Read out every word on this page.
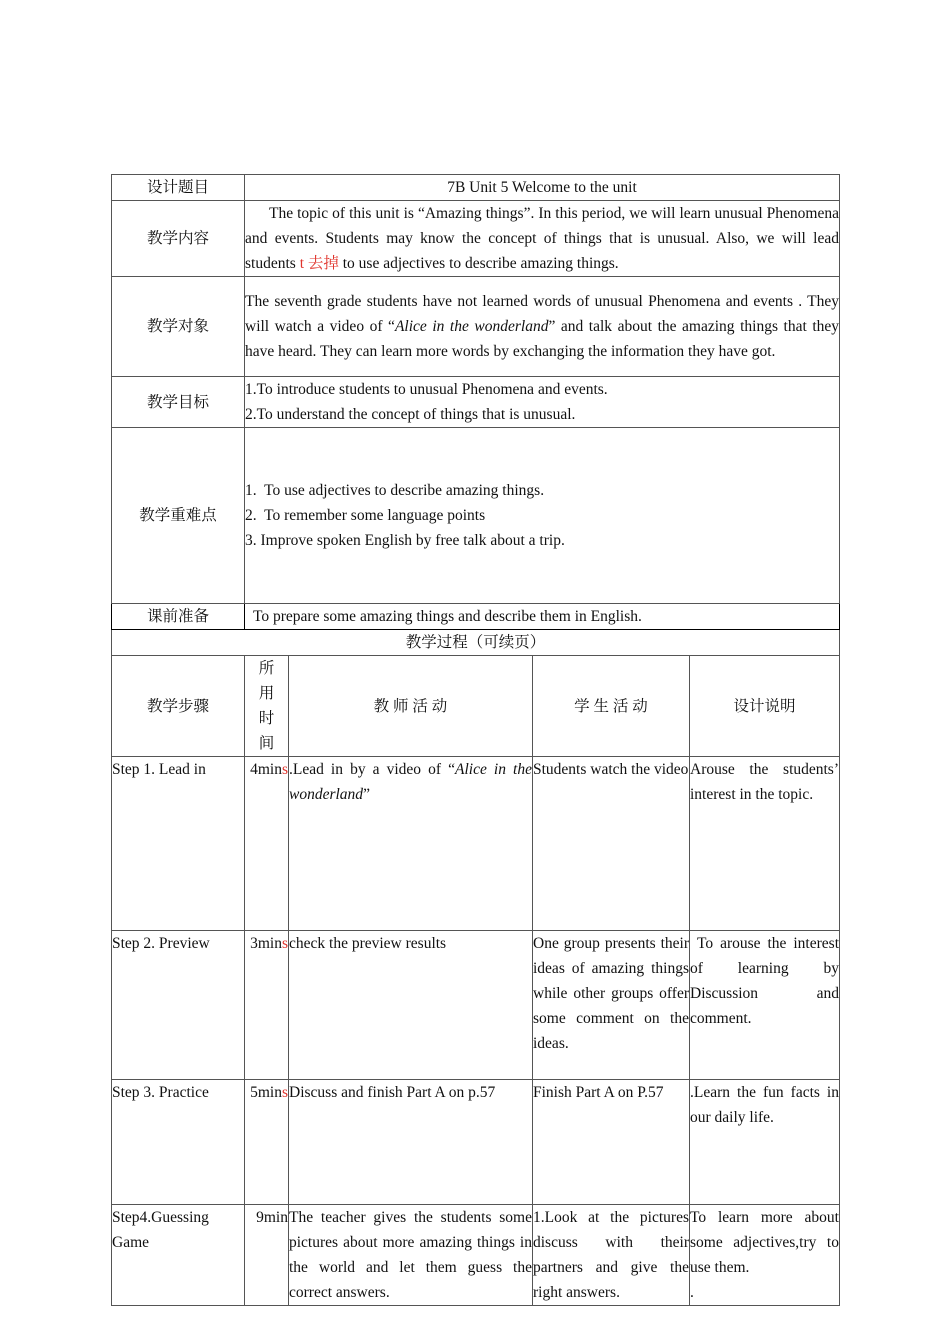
设计题目	7B Unit 5 Welcome to the unit			
教学内容	The topic of this unit is “Amazing things”. In this period, we will learn unusual Phenomena and events. Students may know the concept of things that is unusual. Also, we will lead students t 去掉 to use adjectives to describe amazing things.			
教学对象	The seventh grade students have not learned words of unusual Phenomena and events . They will watch a video of “Alice in the wonderland” and talk about the amazing things that they have heard. They can learn more words by exchanging the information they have got.			
教学目标	1.To introduce students to unusual Phenomena and events.
2.To understand the concept of things that is unusual.			

教学重难点	1.  To use adjectives to describe amazing things.
2.  To remember some language points
3. Improve spoken English by free talk about a trip.			

课前准备	To prepare some amazing things and describe them in English.			
教学过程（可续页）				
教学步骤	所
用
时
间	教 师 活 动	学 生 活 动	设计说明
Step 1. Lead in	4mins	.Lead in by a video of “Alice in the wonderland”	Students watch the video	Arouse the students’ interest in the topic.
Step 2. Preview	3mins	check the preview results	One group presents their ideas of amazing things while other groups offer some comment on the ideas.	To arouse the interest of learning by Discussion and comment.
Step 3. Practice	5mins	Discuss and finish Part A on p.57	Finish Part A on P.57	.Learn the fun facts in our daily life.
Step4.Guessing Game	9min	The teacher gives the students some pictures about more amazing things in the world and let them guess the correct answers.	1.Look at the pictures discuss with their partners and give the right answers.	To learn more about some adjectives,try to use them.
.
